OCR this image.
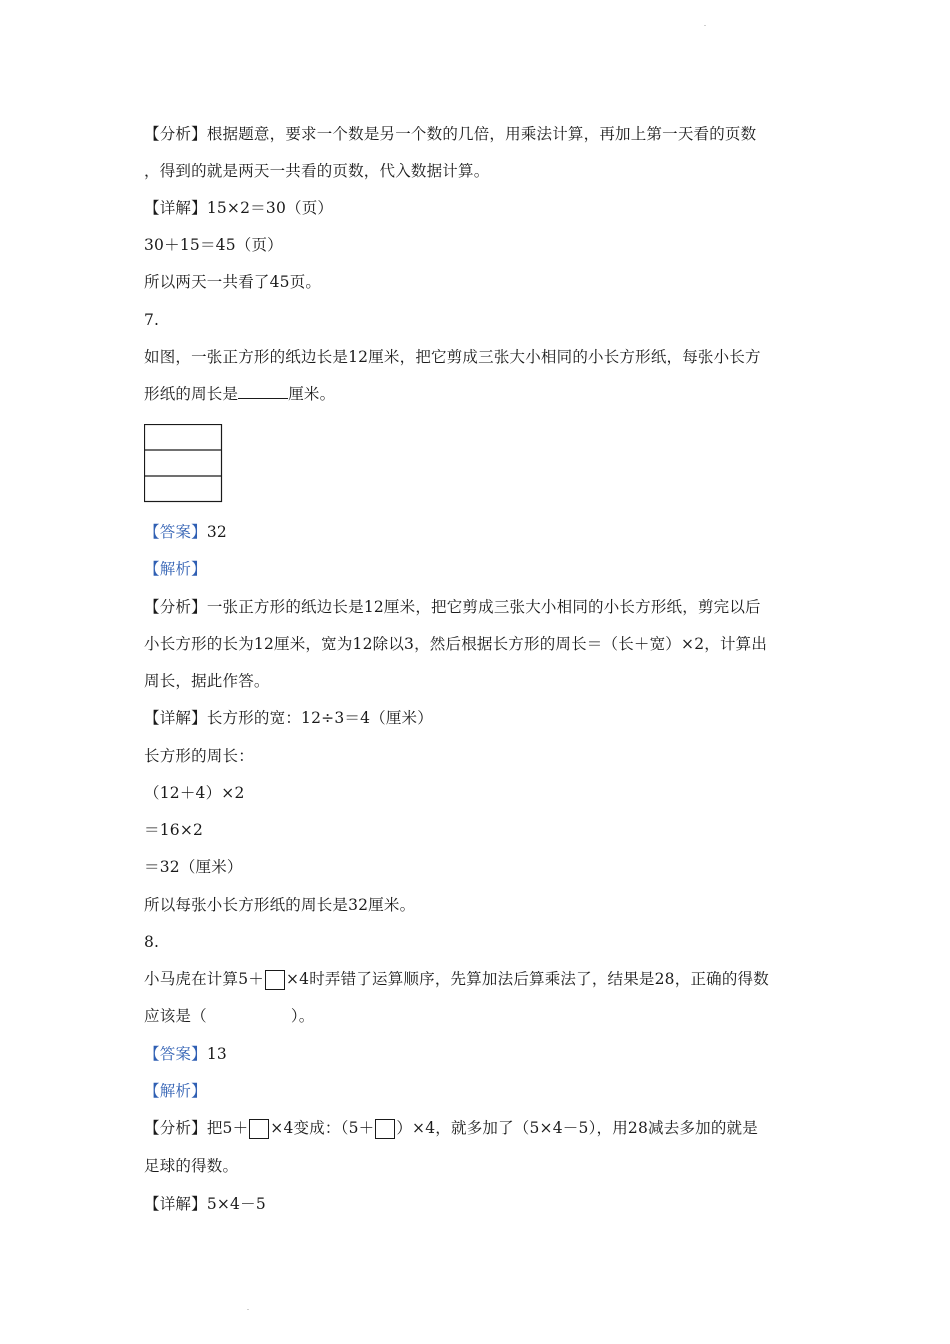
【分析】根据题意，要求一个数是另一个数的几倍，用乘法计算，再加上第一天看的页数
，得到的就是两天一共看的页数，代入数据计算。
【详解】15×2＝30（页）
30＋15＝45（页）
所以两天一共看了45页。
7.
如图，一张正方形的纸边长是12厘米，把它剪成三张大小相同的小长方形纸，每张小长方
形纸的周长是	厘米。
【答案】32
【解析】
【分析】一张正方形的纸边长是12厘米，把它剪成三张大小相同的小长方形纸，剪完以后
小长方形的长为12厘米，宽为12除以3，然后根据长方形的周长＝（长＋宽）×2，计算出
周长，据此作答。
【详解】长方形的宽：12÷3＝4（厘米）
长方形的周长：
（12＋4）×2
＝16×2
＝32（厘米）
所以每张小长方形纸的周长是32厘米。
8.
小马虎在计算5＋ ×4时弄错了运算顺序，先算加法后算乘法了，结果是28，正确的得数
应该是（	）。
【答案】13
【解析】
【分析】把5＋ ×4变成：（5＋ ）×4，就多加了（5×4－5），用28减去多加的就是
足球的得数。
【详解】5×4－5
